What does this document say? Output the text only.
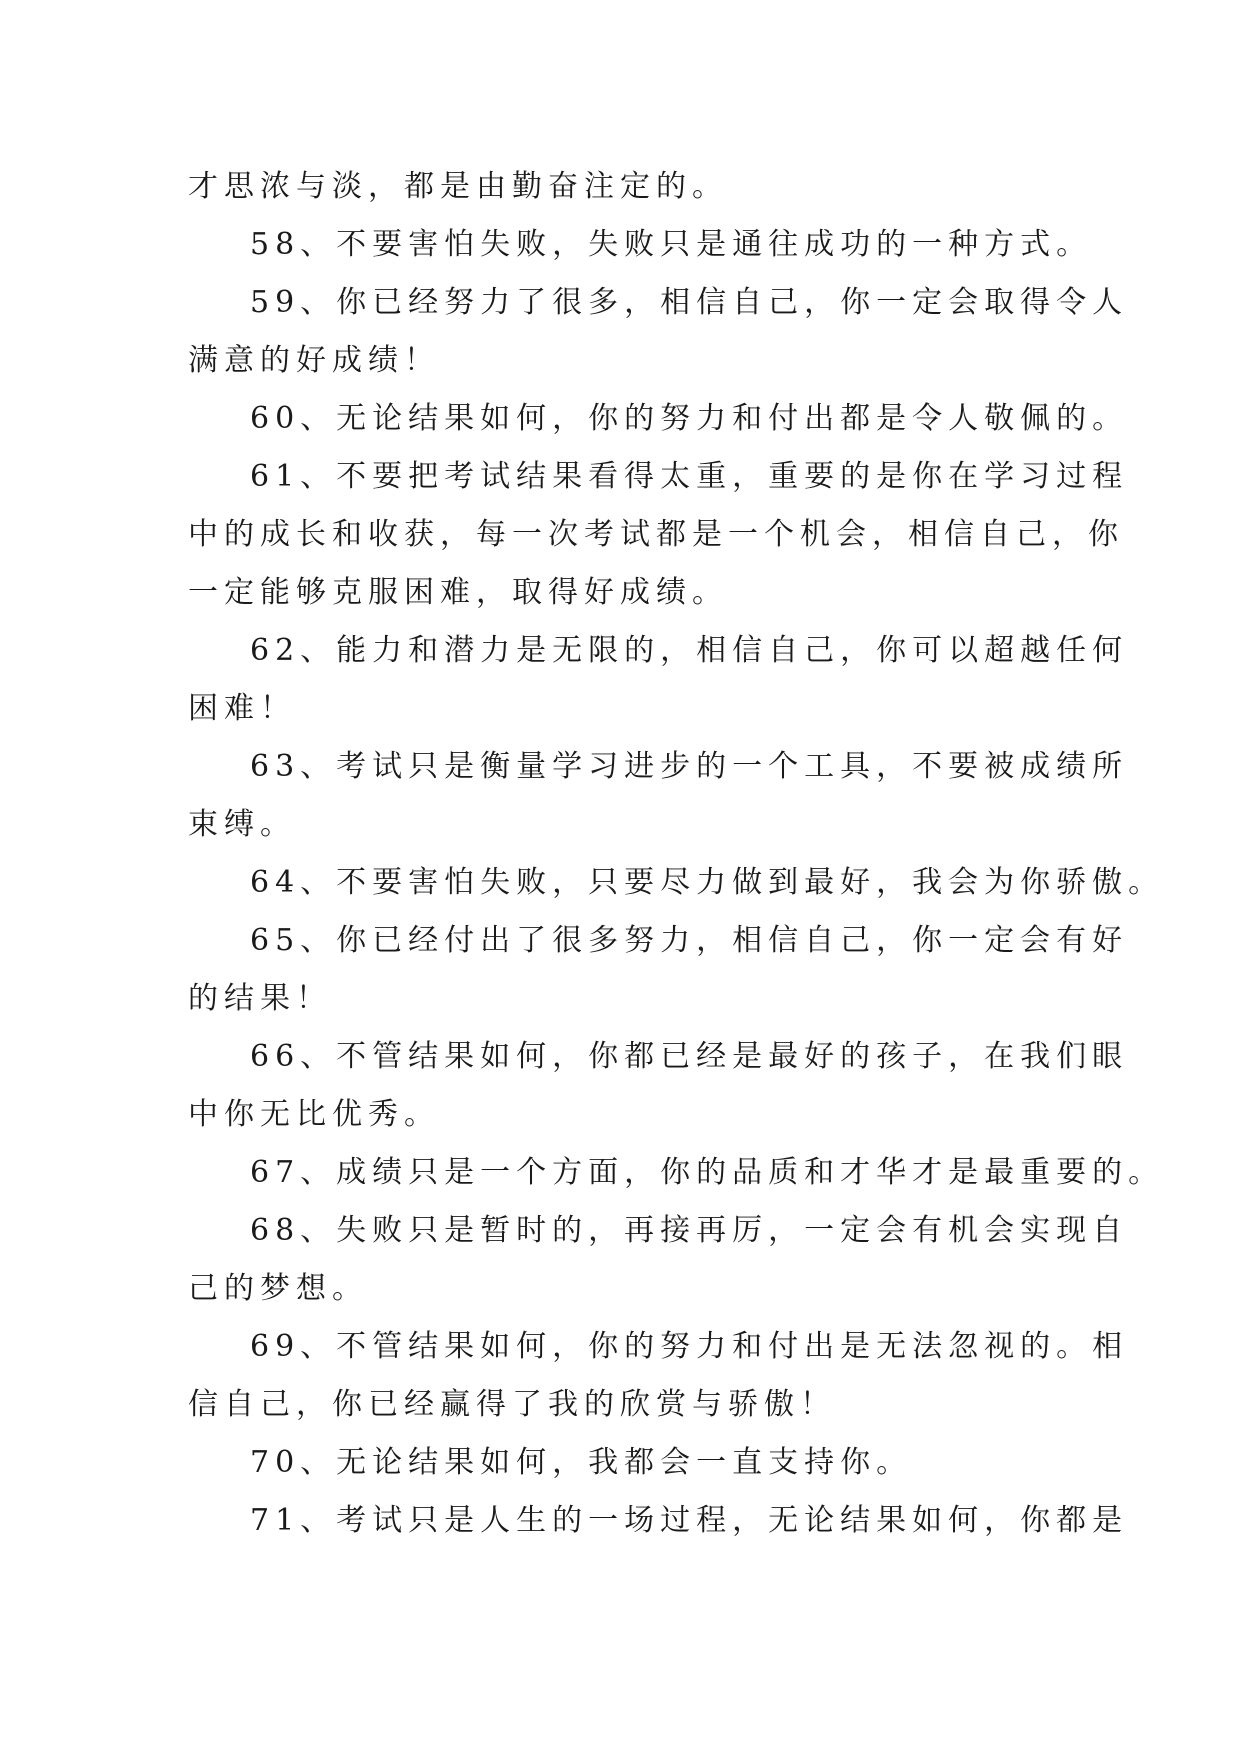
才思浓与淡，都是由勤奋注定的。

58、不要害怕失败，失败只是通往成功的一种方式。

59、你已经努力了很多，相信自己，你一定会取得令人

满意的好成绩！

60、无论结果如何，你的努力和付出都是令人敬佩的。

61、不要把考试结果看得太重，重要的是你在学习过程

中的成长和收获，每一次考试都是一个机会，相信自己，你

一定能够克服困难，取得好成绩。

62、能力和潜力是无限的，相信自己，你可以超越任何

困难！

63、考试只是衡量学习进步的一个工具，不要被成绩所

束缚。

64、不要害怕失败，只要尽力做到最好，我会为你骄傲。

65、你已经付出了很多努力，相信自己，你一定会有好

的结果！

66、不管结果如何，你都已经是最好的孩子，在我们眼

中你无比优秀。

67、成绩只是一个方面，你的品质和才华才是最重要的。

68、失败只是暂时的，再接再厉，一定会有机会实现自

己的梦想。

69、不管结果如何，你的努力和付出是无法忽视的。相

信自己，你已经赢得了我的欣赏与骄傲！

70、无论结果如何，我都会一直支持你。

71、考试只是人生的一场过程，无论结果如何，你都是
